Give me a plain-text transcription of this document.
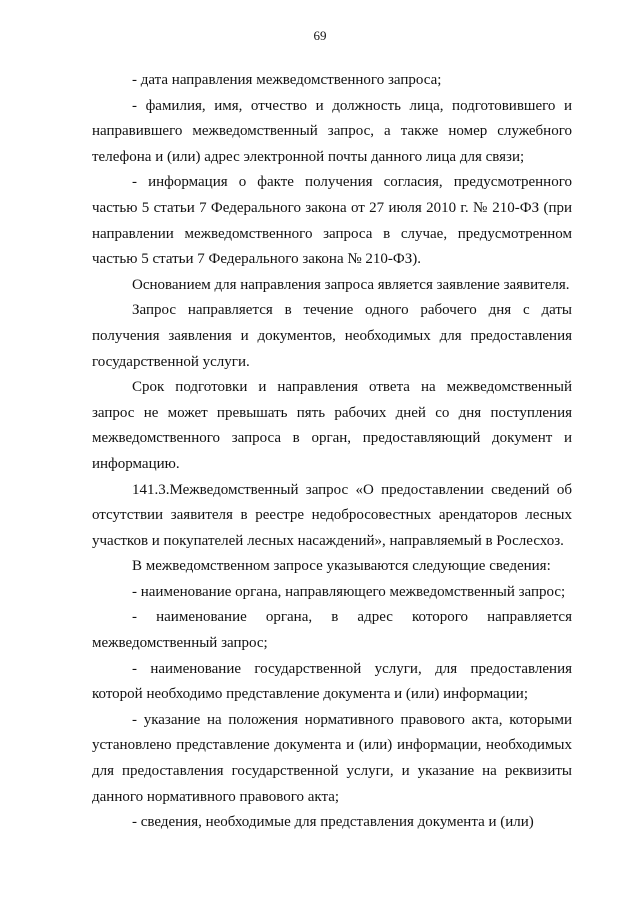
69

- дата направления межведомственного запроса;

- фамилия, имя, отчество и должность лица, подготовившего и направившего межведомственный запрос, а также номер служебного телефона и (или) адрес электронной почты данного лица для связи;

- информация о факте получения согласия, предусмотренного частью 5 статьи 7 Федерального закона от 27 июля 2010 г. № 210-ФЗ (при направлении межведомственного запроса в случае, предусмотренном частью 5 статьи 7 Федерального закона № 210-ФЗ).

Основанием для направления запроса является заявление заявителя.

Запрос направляется в течение одного рабочего дня с даты получения заявления и документов, необходимых для предоставления государственной услуги.

Срок подготовки и направления ответа на межведомственный запрос не может превышать пять рабочих дней со дня поступления межведомственного запроса в орган, предоставляющий документ и информацию.

141.3.Межведомственный запрос «О предоставлении сведений об отсутствии заявителя в реестре недобросовестных арендаторов лесных участков и покупателей лесных насаждений», направляемый в Рослесхоз.

В межведомственном запросе указываются следующие сведения:

- наименование органа, направляющего межведомственный запрос;

- наименование органа, в адрес которого направляется межведомственный запрос;

- наименование государственной услуги, для предоставления которой необходимо представление документа и (или) информации;

- указание на положения нормативного правового акта, которыми установлено представление документа и (или) информации, необходимых для предоставления государственной услуги, и указание на реквизиты данного нормативного правового акта;

- сведения, необходимые для представления документа и (или)
